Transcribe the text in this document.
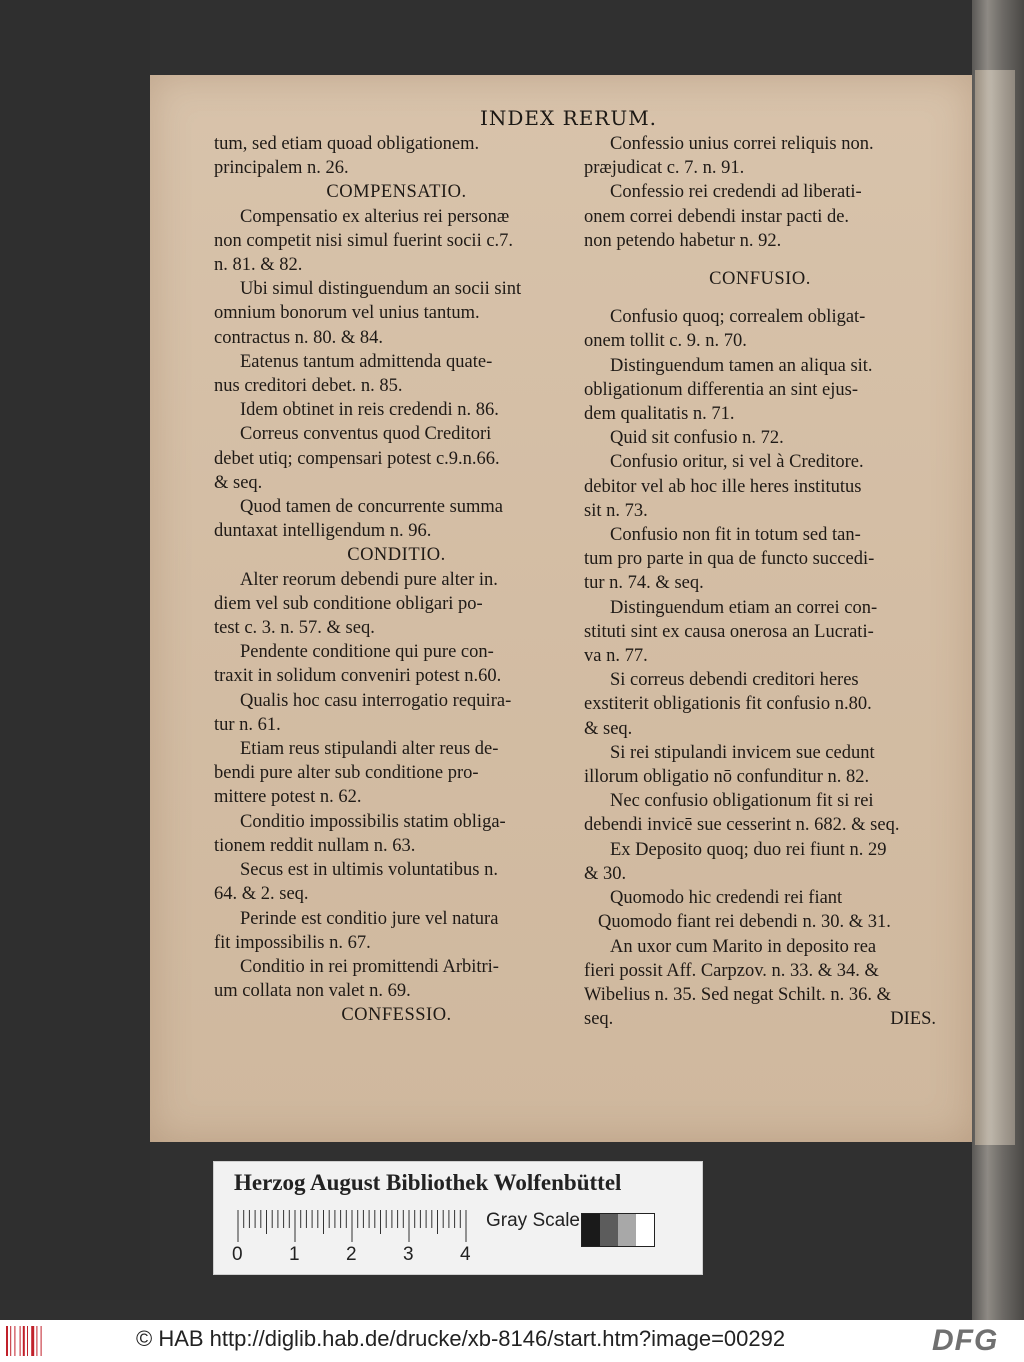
INDEX RERUM.

tum, sed etiam quoad obligationem.

principalem n. 26.

COMPENSATIO.

Compensatio ex alterius rei personæ

non competit nisi simul fuerint socii c.7.

n. 81. & 82.

Ubi simul distinguendum an socii sint

omnium bonorum vel unius tantum.

contractus n. 80. & 84.

Eatenus tantum admittenda quate-

nus creditori debet. n. 85.

Idem obtinet in reis credendi n. 86.

Correus conventus quod Creditori

debet utiq; compensari potest c.9.n.66.

& seq.

Quod tamen de concurrente summa

duntaxat intelligendum n. 96.

CONDITIO.

Alter reorum debendi pure alter in.

diem vel sub conditione obligari po-

test c. 3. n. 57. & seq.

Pendente conditione qui pure con-

traxit in solidum conveniri potest n.60.

Qualis hoc casu interrogatio requira-

tur n. 61.

Etiam reus stipulandi alter reus de-

bendi pure alter sub conditione pro-

mittere potest n. 62.

Conditio impossibilis statim obliga-

tionem reddit nullam n. 63.

Secus est in ultimis voluntatibus n.

64. & 2. seq.

Perinde est conditio jure vel natura

fit impossibilis n. 67.

Conditio in rei promittendi Arbitri-

um collata non valet n. 69.

CONFESSIO.

Confessio unius correi reliquis non.

præjudicat c. 7. n. 91.

Confessio rei credendi ad liberati-

onem correi debendi instar pacti de.

non petendo habetur n. 92.

CONFUSIO.

Confusio quoq; correalem obligat-

onem tollit c. 9. n. 70.

Distinguendum tamen an aliqua sit.

obligationum differentia an sint ejus-

dem qualitatis n. 71.

Quid sit confusio n. 72.

Confusio oritur, si vel à Creditore.

debitor vel ab hoc ille heres institutus

sit n. 73.

Confusio non fit in totum sed tan-

tum pro parte in qua de functo succedi-

tur n. 74. & seq.

Distinguendum etiam an correi con-

stituti sint ex causa onerosa an Lucrati-

va n. 77.

Si correus debendi creditori heres

exstiterit obligationis fit confusio n.80.

& seq.

Si rei stipulandi invicem sue cedunt

illorum obligatio nō confunditur n. 82.

Nec confusio obligationum fit si rei

debendi invicē sue cesserint n. 682. & seq.

Ex Deposito quoq; duo rei fiunt n. 29

& 30.

Quomodo hic credendi rei fiant

Quomodo fiant rei debendi n. 30. & 31.

An uxor cum Marito in deposito rea

fieri possit Aff. Carpzov. n. 33. & 34. &

Wibelius n. 35. Sed negat Schilt. n. 36. &

seq.	DIES.

Herzog August Bibliothek Wolfenbüttel
0 1 2 3 4
Gray Scale
© HAB http://diglib.hab.de/drucke/xb-8146/start.htm?image=00292	DFG
